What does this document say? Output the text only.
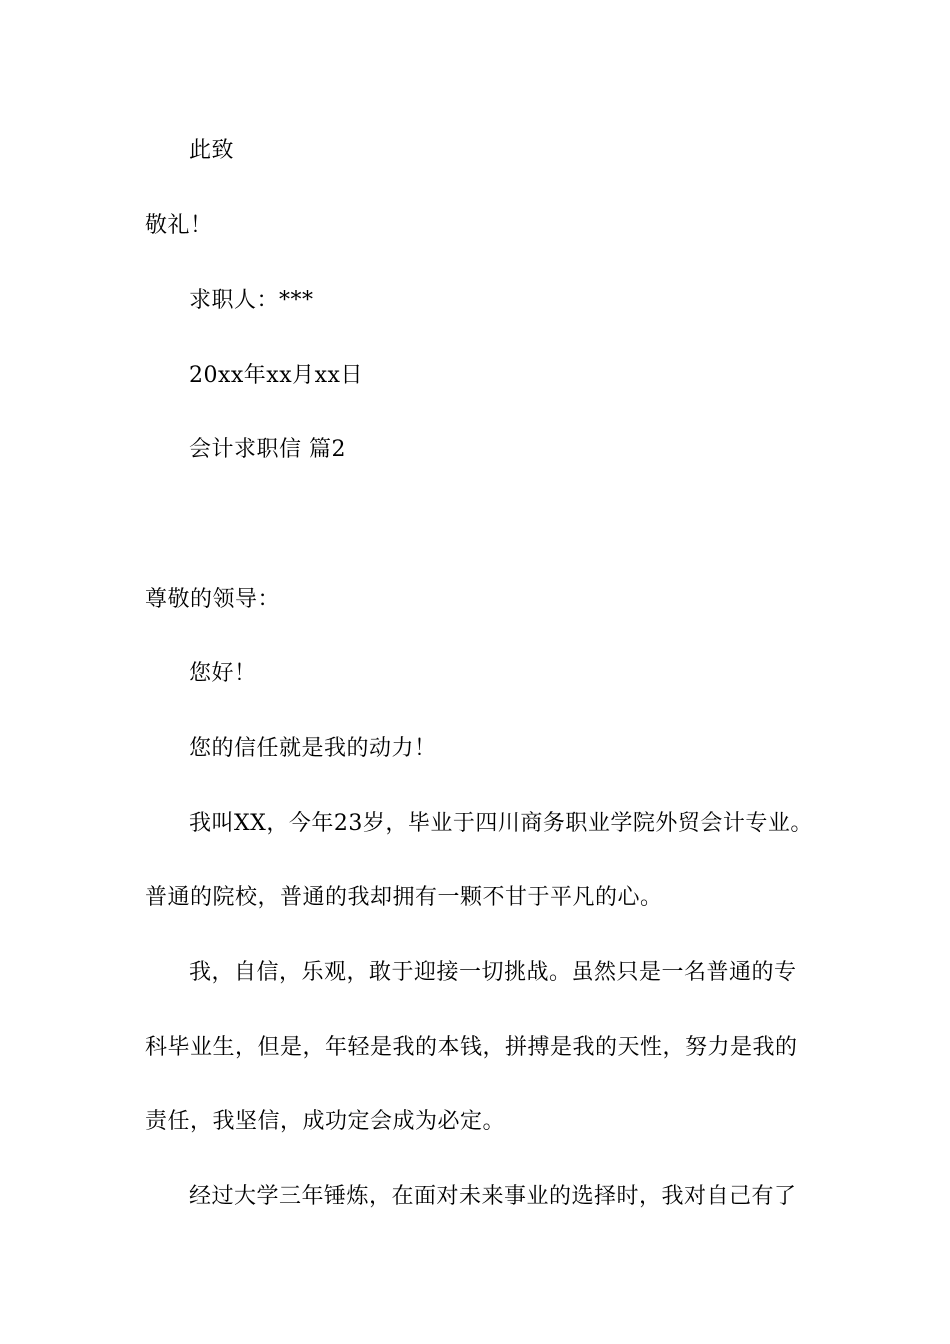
此致
敬礼！
求职人：***
20xx年xx月xx日
会计求职信 篇2
尊敬的领导：
您好！
您的信任就是我的动力！
我叫XX，今年23岁，毕业于四川商务职业学院外贸会计专业。
普通的院校，普通的我却拥有一颗不甘于平凡的心。
我，自信，乐观，敢于迎接一切挑战。虽然只是一名普通的专
科毕业生，但是，年轻是我的本钱，拼搏是我的天性，努力是我的
责任，我坚信，成功定会成为必定。
经过大学三年锤炼，在面对未来事业的选择时，我对自己有了
